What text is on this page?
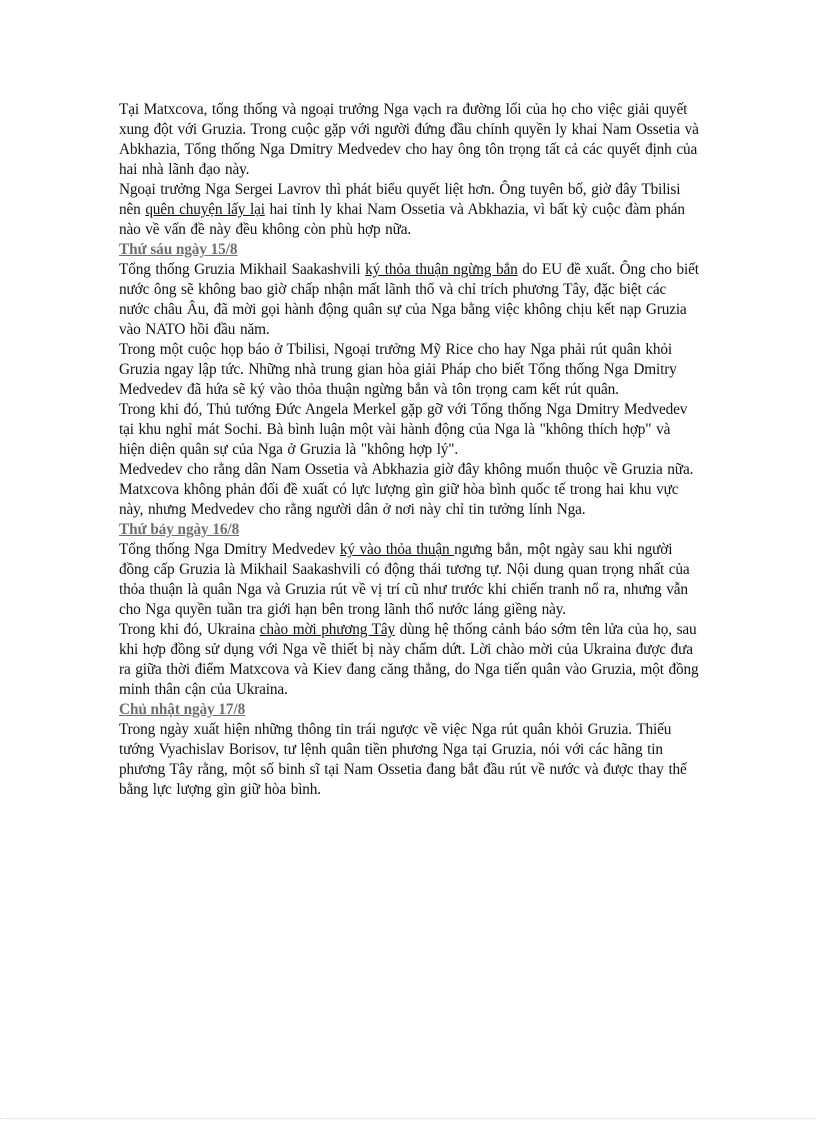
Tại Matxcova, tổng thống và ngoại trưởng Nga vạch ra đường lối của họ cho việc giải quyết xung đột với Gruzia. Trong cuộc gặp với người đứng đầu chính quyền ly khai Nam Ossetia và Abkhazia, Tổng thống Nga Dmitry Medvedev cho hay ông tôn trọng tất cả các quyết định của hai nhà lãnh đạo này.

Ngoại trưởng Nga Sergei Lavrov thì phát biểu quyết liệt hơn. Ông tuyên bố, giờ đây Tbilisi nên quên chuyện lấy lại hai tỉnh ly khai Nam Ossetia và Abkhazia, vì bất kỳ cuộc đàm phán nào về vấn đề này đều không còn phù hợp nữa.

Thứ sáu ngày 15/8

Tổng thống Gruzia Mikhail Saakashvili ký thỏa thuận ngừng bắn do EU đề xuất. Ông cho biết nước ông sẽ không bao giờ chấp nhận mất lãnh thổ và chỉ trích phương Tây, đặc biệt các nước châu Âu, đã mời gọi hành động quân sự của Nga bằng việc không chịu kết nạp Gruzia vào NATO hồi đầu năm.

Trong một cuộc họp báo ở Tbilisi, Ngoại trưởng Mỹ Rice cho hay Nga phải rút quân khỏi Gruzia ngay lập tức. Những nhà trung gian hòa giải Pháp cho biết Tổng thống Nga Dmitry Medvedev đã hứa sẽ ký vào thỏa thuận ngừng bắn và tôn trọng cam kết rút quân.

Trong khi đó, Thủ tướng Đức Angela Merkel gặp gỡ với Tổng thống Nga Dmitry Medvedev tại khu nghỉ mát Sochi. Bà bình luận một vài hành động của Nga là "không thích hợp" và hiện diện quân sự của Nga ở Gruzia là "không hợp lý".

Medvedev cho rằng dân Nam Ossetia và Abkhazia giờ đây không muốn thuộc về Gruzia nữa. Matxcova không phản đối đề xuất có lực lượng gìn giữ hòa bình quốc tế trong hai khu vực này, nhưng Medvedev cho rằng người dân ở nơi này chỉ tin tưởng lính Nga.

Thứ bảy ngày 16/8

Tổng thống Nga Dmitry Medvedev ký vào thỏa thuận ngưng bắn, một ngày sau khi người đồng cấp Gruzia là Mikhail Saakashvili có động thái tương tự. Nội dung quan trọng nhất của thỏa thuận là quân Nga và Gruzia rút về vị trí cũ như trước khi chiến tranh nổ ra, nhưng vẫn cho Nga quyền tuần tra giới hạn bên trong lãnh thổ nước láng giềng này.

Trong khi đó, Ukraina chào mời phương Tây dùng hệ thống cảnh báo sớm tên lửa của họ, sau khi hợp đồng sử dụng với Nga về thiết bị này chấm dứt. Lời chào mời của Ukraina được đưa ra giữa thời điểm Matxcova và Kiev đang căng thẳng, do Nga tiến quân vào Gruzia, một đồng minh thân cận của Ukraina.

Chủ nhật ngày 17/8

Trong ngày xuất hiện những thông tin trái ngược về việc Nga rút quân khỏi Gruzia. Thiếu tướng Vyachislav Borisov, tư lệnh quân tiền phương Nga tại Gruzia, nói với các hãng tin phương Tây rằng, một số binh sĩ tại Nam Ossetia đang bắt đầu rút về nước và được thay thế bằng lực lượng gìn giữ hòa bình.
